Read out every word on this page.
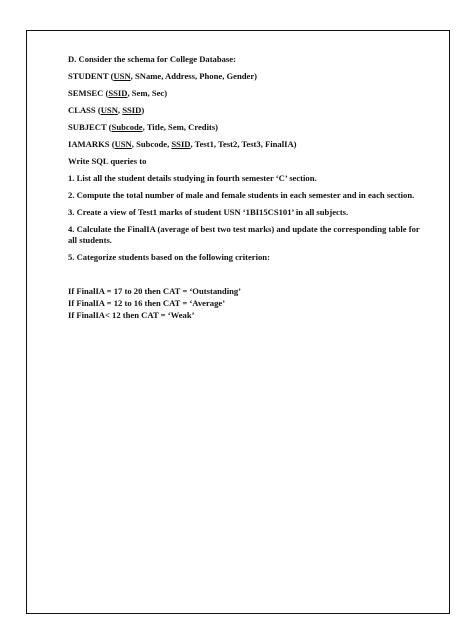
D. Consider the schema for College Database:
STUDENT (USN, SName, Address, Phone, Gender)
SEMSEC (SSID, Sem, Sec)
CLASS (USN, SSID)
SUBJECT (Subcode, Title, Sem, Credits)
IAMARKS (USN, Subcode, SSID, Test1, Test2, Test3, FinalIA)
Write SQL queries to
1. List all the student details studying in fourth semester ‘C’ section.
2. Compute the total number of male and female students in each semester and in each section.
3. Create a view of Test1 marks of student USN ‘1BI15CS101’ in all subjects.
4. Calculate the FinalIA (average of best two test marks) and update the corresponding table for all students.
5. Categorize students based on the following criterion:
If FinalIA = 17 to 20 then CAT = ‘Outstanding’
If FinalIA = 12 to 16 then CAT = ‘Average’
If FinalIA< 12 then CAT = ‘Weak’
